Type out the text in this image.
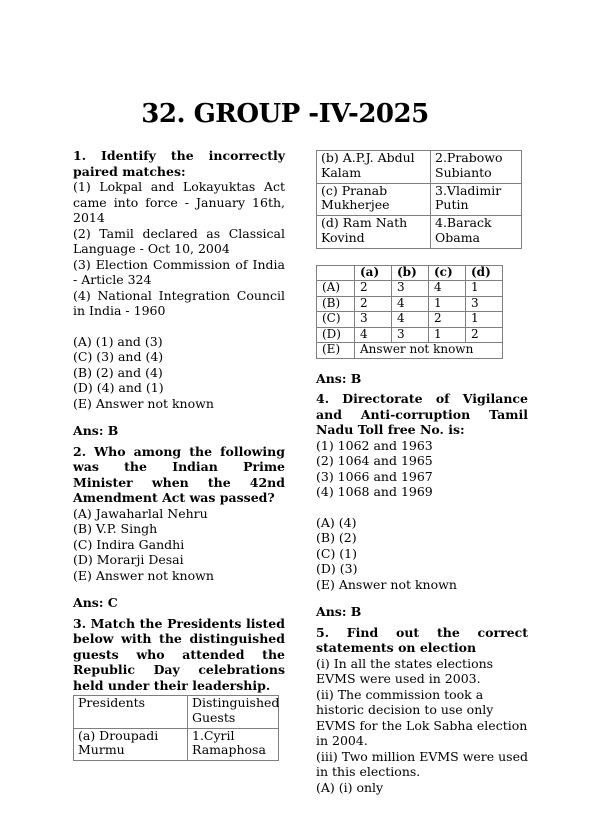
32. GROUP -IV-2025

1. Identify the incorrectly paired matches:

(1) Lokpal and Lokayuktas Act came into force - January 16th, 2014

(2) Tamil declared as Classical Language - Oct 10, 2004

(3) Election Commission of India - Article 324

(4) National Integration Council in India - 1960

(A) (1) and (3)

(C) (3) and (4)

(B) (2) and (4)

(D) (4) and (1)

(E) Answer not known

Ans: B

2. Who among the following was the Indian Prime Minister when the 42nd Amendment Act was passed?

(A) Jawaharlal Nehru

(B) V.P. Singh

(C) Indira Gandhi

(D) Morarji Desai

(E) Answer not known

Ans: C

3. Match the Presidents listed below with the distinguished guests who attended the Republic Day celebrations held under their leadership.

Presidents	Distinguished Guests
(a) Droupadi Murmu	1.Cyril Ramaphosa
(b) A.P.J. Abdul Kalam	2.Prabowo Subianto
(c) Pranab Mukherjee	3.Vladimir Putin
(d) Ram Nath Kovind	4.Barack Obama
	(a)	(b)	(c)	(d)
(A)	2	3	4	1
(B)	2	4	1	3
(C)	3	4	2	1
(D)	4	3	1	2
(E)	Answer not known			

Ans: B

4. Directorate of Vigilance and Anti-corruption Tamil Nadu Toll free No. is:

(1) 1062 and 1963

(2) 1064 and 1965

(3) 1066 and 1967

(4) 1068 and 1969

(A) (4)

(B) (2)

(C) (1)

(D) (3)

(E) Answer not known

Ans: B

5. Find out the correct statements on election

(i) In all the states elections EVMS were used in 2003.

(ii) The commission took a historic decision to use only EVMS for the Lok Sabha election in 2004.

(iii) Two million EVMS were used in this elections.

(A) (i) only
